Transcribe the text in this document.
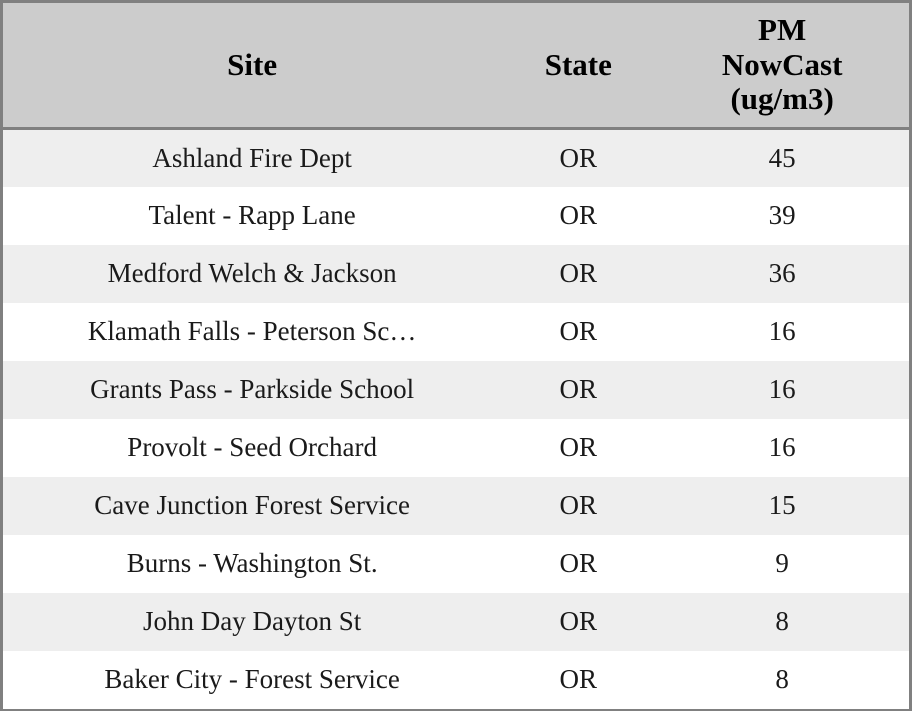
Site	State	PM
NowCast
(ug/m3)

Ashland Fire Dept	OR	45
Talent - Rapp Lane	OR	39
Medford Welch & Jackson	OR	36
Klamath Falls - Peterson Sc…	OR	16
Grants Pass - Parkside School	OR	16
Provolt - Seed Orchard	OR	16
Cave Junction Forest Service	OR	15
Burns - Washington St.	OR	9
John Day Dayton St	OR	8
Baker City - Forest Service	OR	8
